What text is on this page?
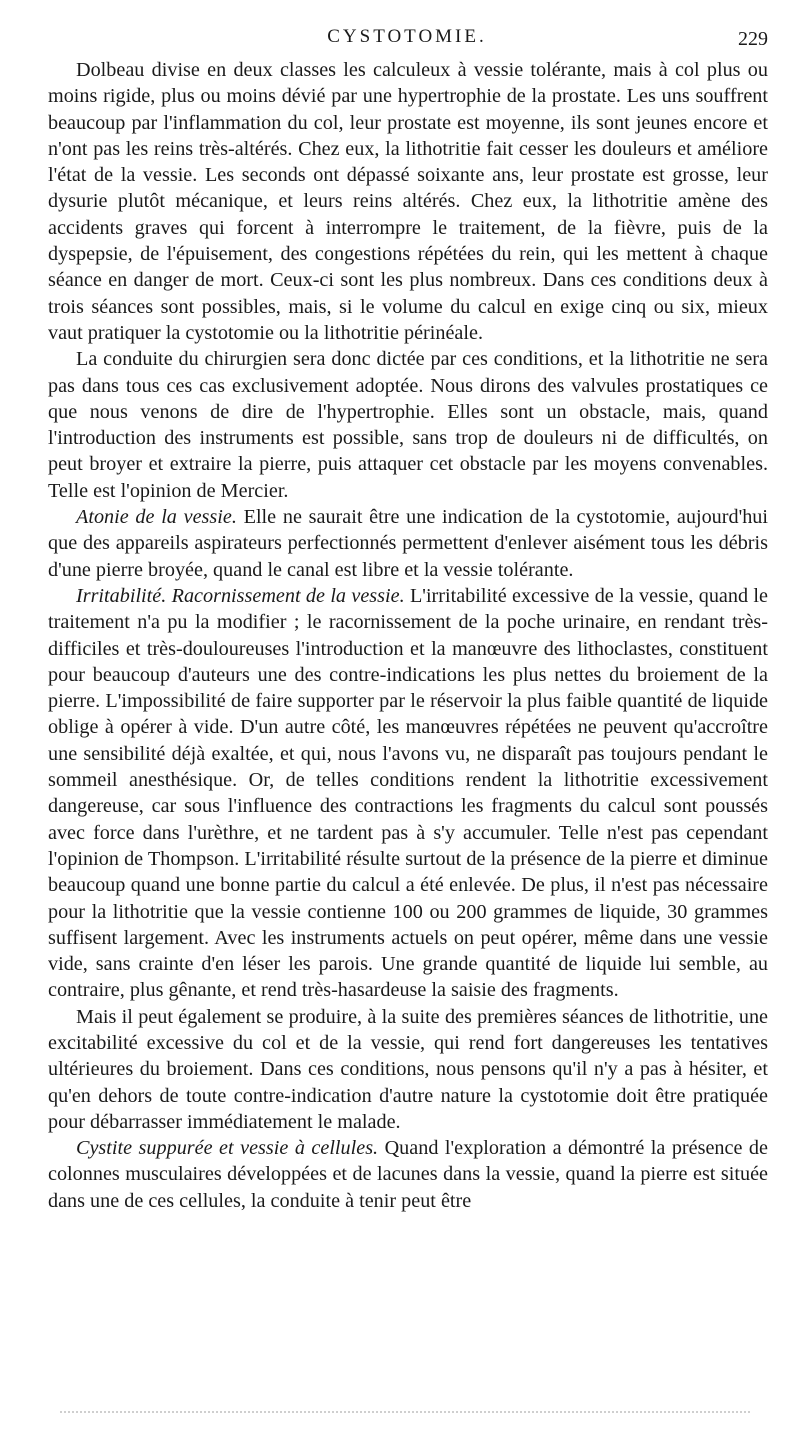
CYSTOTOMIE.	229

Dolbeau divise en deux classes les calculeux à vessie tolérante, mais à col plus ou moins rigide, plus ou moins dévié par une hypertrophie de la prostate. Les uns souffrent beaucoup par l'inflammation du col, leur prostate est moyenne, ils sont jeunes encore et n'ont pas les reins très-altérés. Chez eux, la lithotritie fait cesser les douleurs et améliore l'état de la vessie. Les seconds ont dépassé soixante ans, leur prostate est grosse, leur dysurie plutôt mécanique, et leurs reins altérés. Chez eux, la lithotritie amène des accidents graves qui forcent à interrompre le traitement, de la fièvre, puis de la dyspepsie, de l'épuisement, des congestions répétées du rein, qui les mettent à chaque séance en danger de mort. Ceux-ci sont les plus nombreux. Dans ces conditions deux à trois séances sont possibles, mais, si le volume du calcul en exige cinq ou six, mieux vaut pratiquer la cystotomie ou la lithotritie périnéale.

La conduite du chirurgien sera donc dictée par ces conditions, et la lithotritie ne sera pas dans tous ces cas exclusivement adoptée. Nous dirons des valvules prostatiques ce que nous venons de dire de l'hypertrophie. Elles sont un obstacle, mais, quand l'introduction des instruments est possible, sans trop de douleurs ni de difficultés, on peut broyer et extraire la pierre, puis attaquer cet obstacle par les moyens convenables. Telle est l'opinion de Mercier.

Atonie de la vessie. Elle ne saurait être une indication de la cystotomie, aujourd'hui que des appareils aspirateurs perfectionnés permettent d'enlever aisément tous les débris d'une pierre broyée, quand le canal est libre et la vessie tolérante.

Irritabilité. Racornissement de la vessie. L'irritabilité excessive de la vessie, quand le traitement n'a pu la modifier ; le racornissement de la poche urinaire, en rendant très-difficiles et très-douloureuses l'introduction et la manœuvre des lithoclastes, constituent pour beaucoup d'auteurs une des contre-indications les plus nettes du broiement de la pierre. L'impossibilité de faire supporter par le réservoir la plus faible quantité de liquide oblige à opérer à vide. D'un autre côté, les manœuvres répétées ne peuvent qu'accroître une sensibilité déjà exaltée, et qui, nous l'avons vu, ne disparaît pas toujours pendant le sommeil anesthésique. Or, de telles conditions rendent la lithotritie excessivement dangereuse, car sous l'influence des contractions les fragments du calcul sont poussés avec force dans l'urèthre, et ne tardent pas à s'y accumuler. Telle n'est pas cependant l'opinion de Thompson. L'irritabilité résulte surtout de la présence de la pierre et diminue beaucoup quand une bonne partie du calcul a été enlevée. De plus, il n'est pas nécessaire pour la lithotritie que la vessie contienne 100 ou 200 grammes de liquide, 30 grammes suffisent largement. Avec les instruments actuels on peut opérer, même dans une vessie vide, sans crainte d'en léser les parois. Une grande quantité de liquide lui semble, au contraire, plus gênante, et rend très-hasardeuse la saisie des fragments.

Mais il peut également se produire, à la suite des premières séances de lithotritie, une excitabilité excessive du col et de la vessie, qui rend fort dangereuses les tentatives ultérieures du broiement. Dans ces conditions, nous pensons qu'il n'y a pas à hésiter, et qu'en dehors de toute contre-indication d'autre nature la cystotomie doit être pratiquée pour débarrasser immédiatement le malade.

Cystite suppurée et vessie à cellules. Quand l'exploration a démontré la présence de colonnes musculaires développées et de lacunes dans la vessie, quand la pierre est située dans une de ces cellules, la conduite à tenir peut être
